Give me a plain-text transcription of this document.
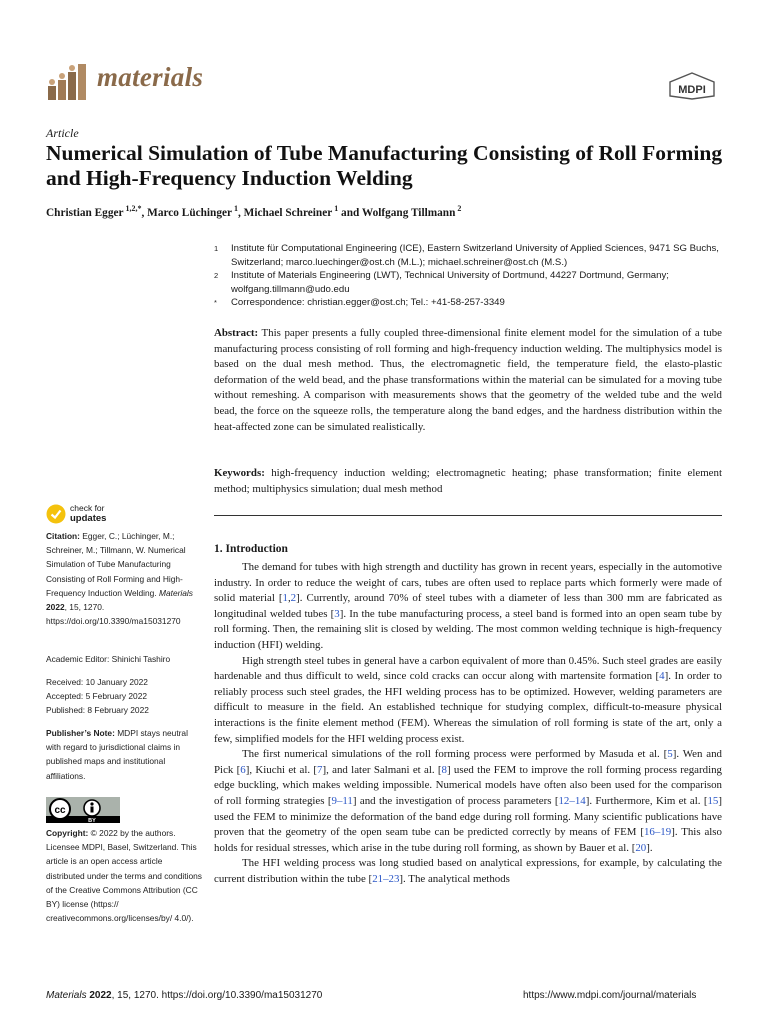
materials	MDPI
Article
Numerical Simulation of Tube Manufacturing Consisting of Roll Forming and High-Frequency Induction Welding
Christian Egger $^{1,2,*}$, Marco Lüchinger $^1$, Michael Schreiner $^1$ and Wolfgang Tillmann $^2$
1	Institute für Computational Engineering (ICE), Eastern Switzerland University of Applied Sciences, 9471 SG Buchs, Switzerland; marco.luechinger@ost.ch (M.L.); michael.schreiner@ost.ch (M.S.)
2	Institute of Materials Engineering (LWT), Technical University of Dortmund, 44227 Dortmund, Germany; wolfgang.tillmann@udo.edu
*	Correspondence: christian.egger@ost.ch; Tel.: +41-58-257-3349
Abstract: This paper presents a fully coupled three-dimensional finite element model for the simulation of a tube manufacturing process consisting of roll forming and high-frequency induction welding. The multiphysics model is based on the dual mesh method. Thus, the electromagnetic field, the temperature field, the elasto-plastic deformation of the weld bead, and the phase transformations within the material can be simulated for a moving tube without remeshing. A comparison with measurements shows that the geometry of the welded tube and the weld bead, the force on the squeeze rolls, the temperature along the band edges, and the hardness distribution within the heat-affected zone can be simulated realistically.
Keywords: high-frequency induction welding; electromagnetic heating; phase transformation; finite element method; multiphysics simulation; dual mesh method
1. Introduction

The demand for tubes with high strength and ductility has grown in recent years, especially in the automotive industry. In order to reduce the weight of cars, tubes are often used to replace parts which formerly were made of solid material [1,2]. Currently, around 70% of steel tubes with a diameter of less than 300 mm are fabricated as longitudinal welded tubes [3]. In the tube manufacturing process, a steel band is formed into an open seam tube by roll forming. Then, the remaining slit is closed by welding. The most common welding technique is high-frequency induction (HFI) welding.

High strength steel tubes in general have a carbon equivalent of more than 0.45%. Such steel grades are easily hardenable and thus difficult to weld, since cold cracks can occur along with martensite formation [4]. In order to reliably process such steel grades, the HFI welding process has to be optimized. However, welding parameters are difficult to measure in the field. An established technique for studying complex, difficult-to-measure physical interactions is the finite element method (FEM). Whereas the simulation of roll forming is state of the art, only a few, simplified models for the HFI welding process exist.

The first numerical simulations of the roll forming process were performed by Masuda et al. [5]. Wen and Pick [6], Kiuchi et al. [7], and later Salmani et al. [8] used the FEM to improve the roll forming process regarding edge buckling, which makes welding impossible. Numerical models have often also been used for the comparison of roll forming strategies [9–11] and the investigation of process parameters [12–14]. Furthermore, Kim et al. [15] used the FEM to minimize the deformation of the band edge during roll forming. Many scientific publications have proven that the geometry of the open seam tube can be predicted correctly by means of FEM [16–19]. This also holds for residual stresses, which arise in the tube during roll forming, as shown by Bauer et al. [20].

The HFI welding process was long studied based on analytical expressions, for example, by calculating the current distribution within the tube [21–23]. The analytical methods

check for
updates
Citation: Egger, C.; Lüchinger, M.; Schreiner, M.; Tillmann, W. Numerical Simulation of Tube Manufacturing Consisting of Roll Forming and High-Frequency Induction Welding. Materials 2022, 15, 1270. https://doi.org/10.3390/ma15031270
Academic Editor: Shinichi Tashiro
Received: 10 January 2022
Accepted: 5 February 2022
Published: 8 February 2022
Publisher’s Note: MDPI stays neutral with regard to jurisdictional claims in published maps and institutional affiliations.
cc
BY
Copyright: © 2022 by the authors. Licensee MDPI, Basel, Switzerland. This article is an open access article distributed under the terms and conditions of the Creative Commons Attribution (CC BY) license (https:// creativecommons.org/licenses/by/ 4.0/).
Materials 2022, 15, 1270. https://doi.org/10.3390/ma15031270	https://www.mdpi.com/journal/materials
